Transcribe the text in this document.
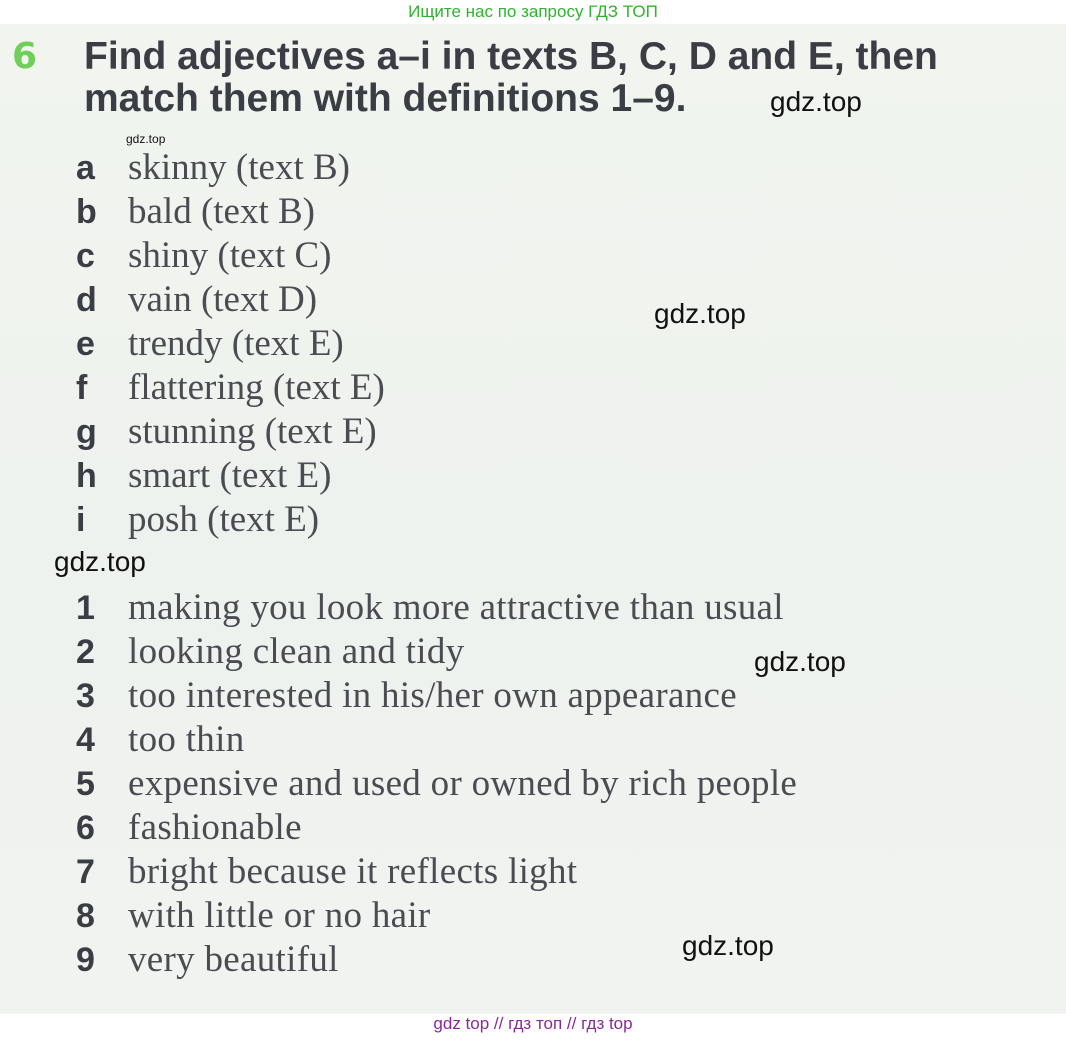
Ищите нас по запросу ГДЗ ТОП
6 Find adjectives a–i in texts B, C, D and E, then match them with definitions 1–9.	gdz.top
gdz.top
gdz.top
gdz.top
gdz.top
gdz.top
a skinny (text B)
b bald (text B)
c shiny (text C)
d vain (text D)
e trendy (text E)
f	flattering (text E)
g stunning (text E)
h smart (text E)
i	posh (text E)
1 making you look more attractive than usual
2 looking clean and tidy
3 too interested in his/her own appearance
4 too thin
5 expensive and used or owned by rich people
6 fashionable
7 bright because it reflects light
8 with little or no hair
9 very beautiful
gdz top // гдз топ // гдз top
